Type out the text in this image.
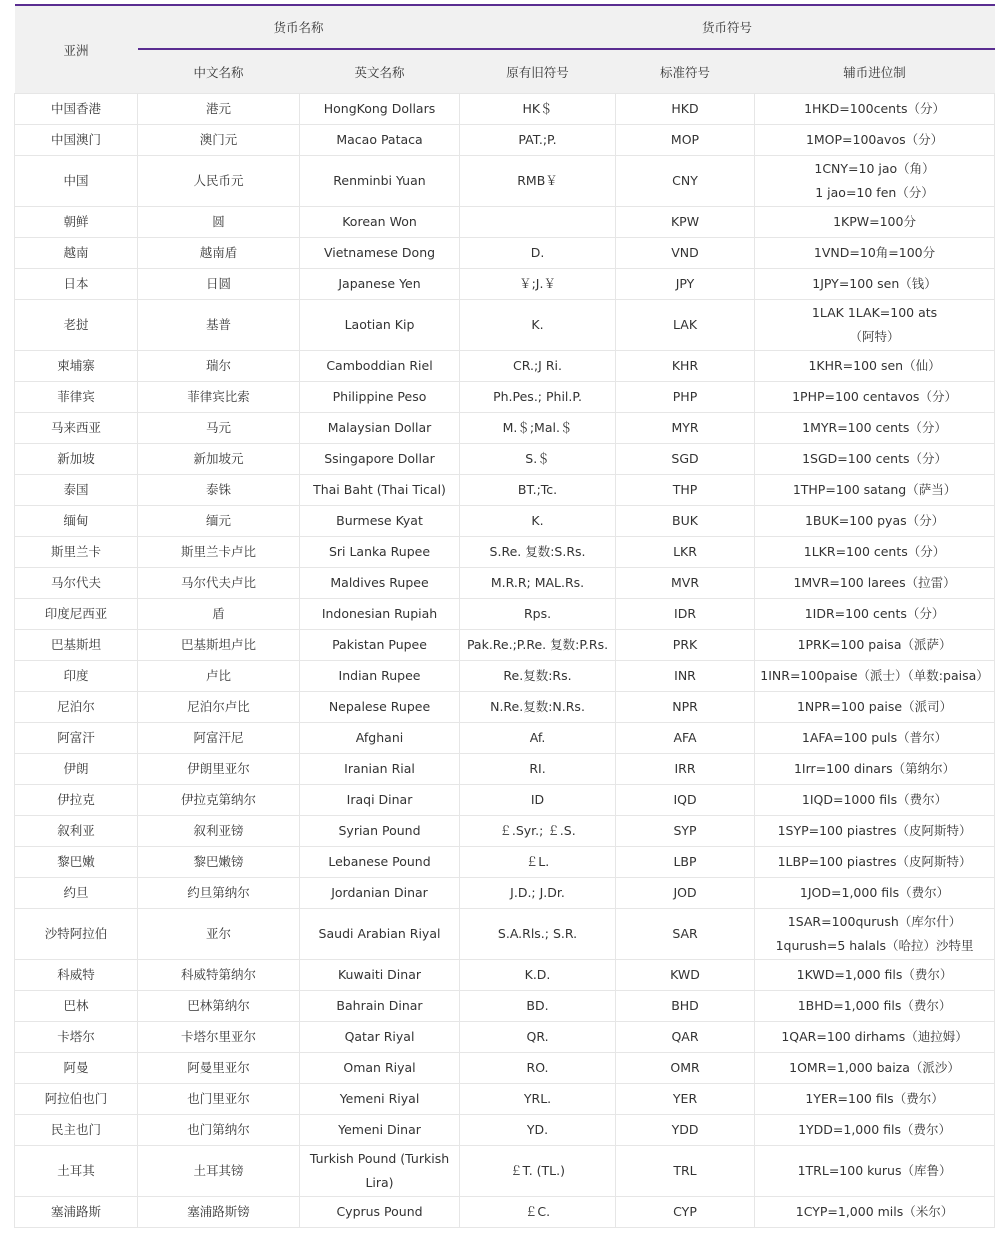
亚洲	货币名称		货币符号		
	中文名称	英文名称	原有旧符号	标准符号	辅币进位制
中国香港	港元	HongKong Dollars	HK＄	HKD	1HKD=100cents（分）
中国澳门	澳门元	Macao Pataca	PAT.;P.	MOP	1MOP=100avos（分）
中国	人民币元	Renminbi Yuan	RMB￥	CNY	1CNY=10 jao（角）
1 jao=10 fen（分）
朝鲜	圆	Korean Won		KPW	1KPW=100分
越南	越南盾	Vietnamese Dong	D.	VND	1VND=10角=100分
日本	日圆	Japanese Yen	￥;J.￥	JPY	1JPY=100 sen（钱）
老挝	基普	Laotian Kip	K.	LAK	1LAK 1LAK=100 ats
（阿特）
柬埔寨	瑞尔	Camboddian Riel	CR.;J Ri.	KHR	1KHR=100 sen（仙）
菲律宾	菲律宾比索	Philippine Peso	Ph.Pes.; Phil.P.	PHP	1PHP=100 centavos（分）
马来西亚	马元	Malaysian Dollar	M.＄;Mal.＄	MYR	1MYR=100 cents（分）
新加坡	新加坡元	Ssingapore Dollar	S.＄	SGD	1SGD=100 cents（分）
泰国	泰铢	Thai Baht (Thai Tical)	BT.;Tc.	THP	1THP=100 satang（萨当）
缅甸	缅元	Burmese Kyat	K.	BUK	1BUK=100 pyas（分）
斯里兰卡	斯里兰卡卢比	Sri Lanka Rupee	S.Re. 复数:S.Rs.	LKR	1LKR=100 cents（分）
马尔代夫	马尔代夫卢比	Maldives Rupee	M.R.R; MAL.Rs.	MVR	1MVR=100 larees（拉雷）
印度尼西亚	盾	Indonesian Rupiah	Rps.	IDR	1IDR=100 cents（分）
巴基斯坦	巴基斯坦卢比	Pakistan Pupee	Pak.Re.;P.Re. 复数:P.Rs.	PRK	1PRK=100 paisa（派萨）
印度	卢比	Indian Rupee	Re.复数:Rs.	INR	1INR=100paise（派士）（单数:paisa）
尼泊尔	尼泊尔卢比	Nepalese Rupee	N.Re.复数:N.Rs.	NPR	1NPR=100 paise（派司）
阿富汗	阿富汗尼	Afghani	Af.	AFA	1AFA=100 puls（普尔）
伊朗	伊朗里亚尔	Iranian Rial	RI.	IRR	1Irr=100 dinars（第纳尔）
伊拉克	伊拉克第纳尔	Iraqi Dinar	ID	IQD	1IQD=1000 fils（费尔）
叙利亚	叙利亚镑	Syrian Pound	￡.Syr.; ￡.S.	SYP	1SYP=100 piastres（皮阿斯特）
黎巴嫩	黎巴嫩镑	Lebanese Pound	￡L.	LBP	1LBP=100 piastres（皮阿斯特）
约旦	约旦第纳尔	Jordanian Dinar	J.D.; J.Dr.	JOD	1JOD=1,000 fils（费尔）
沙特阿拉伯	亚尔	Saudi Arabian Riyal	S.A.Rls.; S.R.	SAR	1SAR=100qurush（库尔什）
1qurush=5 halals（哈拉）沙特里
科威特	科威特第纳尔	Kuwaiti Dinar	K.D.	KWD	1KWD=1,000 fils（费尔）
巴林	巴林第纳尔	Bahrain Dinar	BD.	BHD	1BHD=1,000 fils（费尔）
卡塔尔	卡塔尔里亚尔	Qatar Riyal	QR.	QAR	1QAR=100 dirhams（迪拉姆）
阿曼	阿曼里亚尔	Oman Riyal	RO.	OMR	1OMR=1,000 baiza（派沙）
阿拉伯也门	也门里亚尔	Yemeni Riyal	YRL.	YER	1YER=100 fils（费尔）
民主也门	也门第纳尔	Yemeni Dinar	YD.	YDD	1YDD=1,000 fils（费尔）
土耳其	土耳其镑	Turkish Pound (Turkish
Lira)	￡T. (TL.)	TRL	1TRL=100 kurus（库鲁）
塞浦路斯	塞浦路斯镑	Cyprus Pound	￡C.	CYP	1CYP=1,000 mils（米尔）
